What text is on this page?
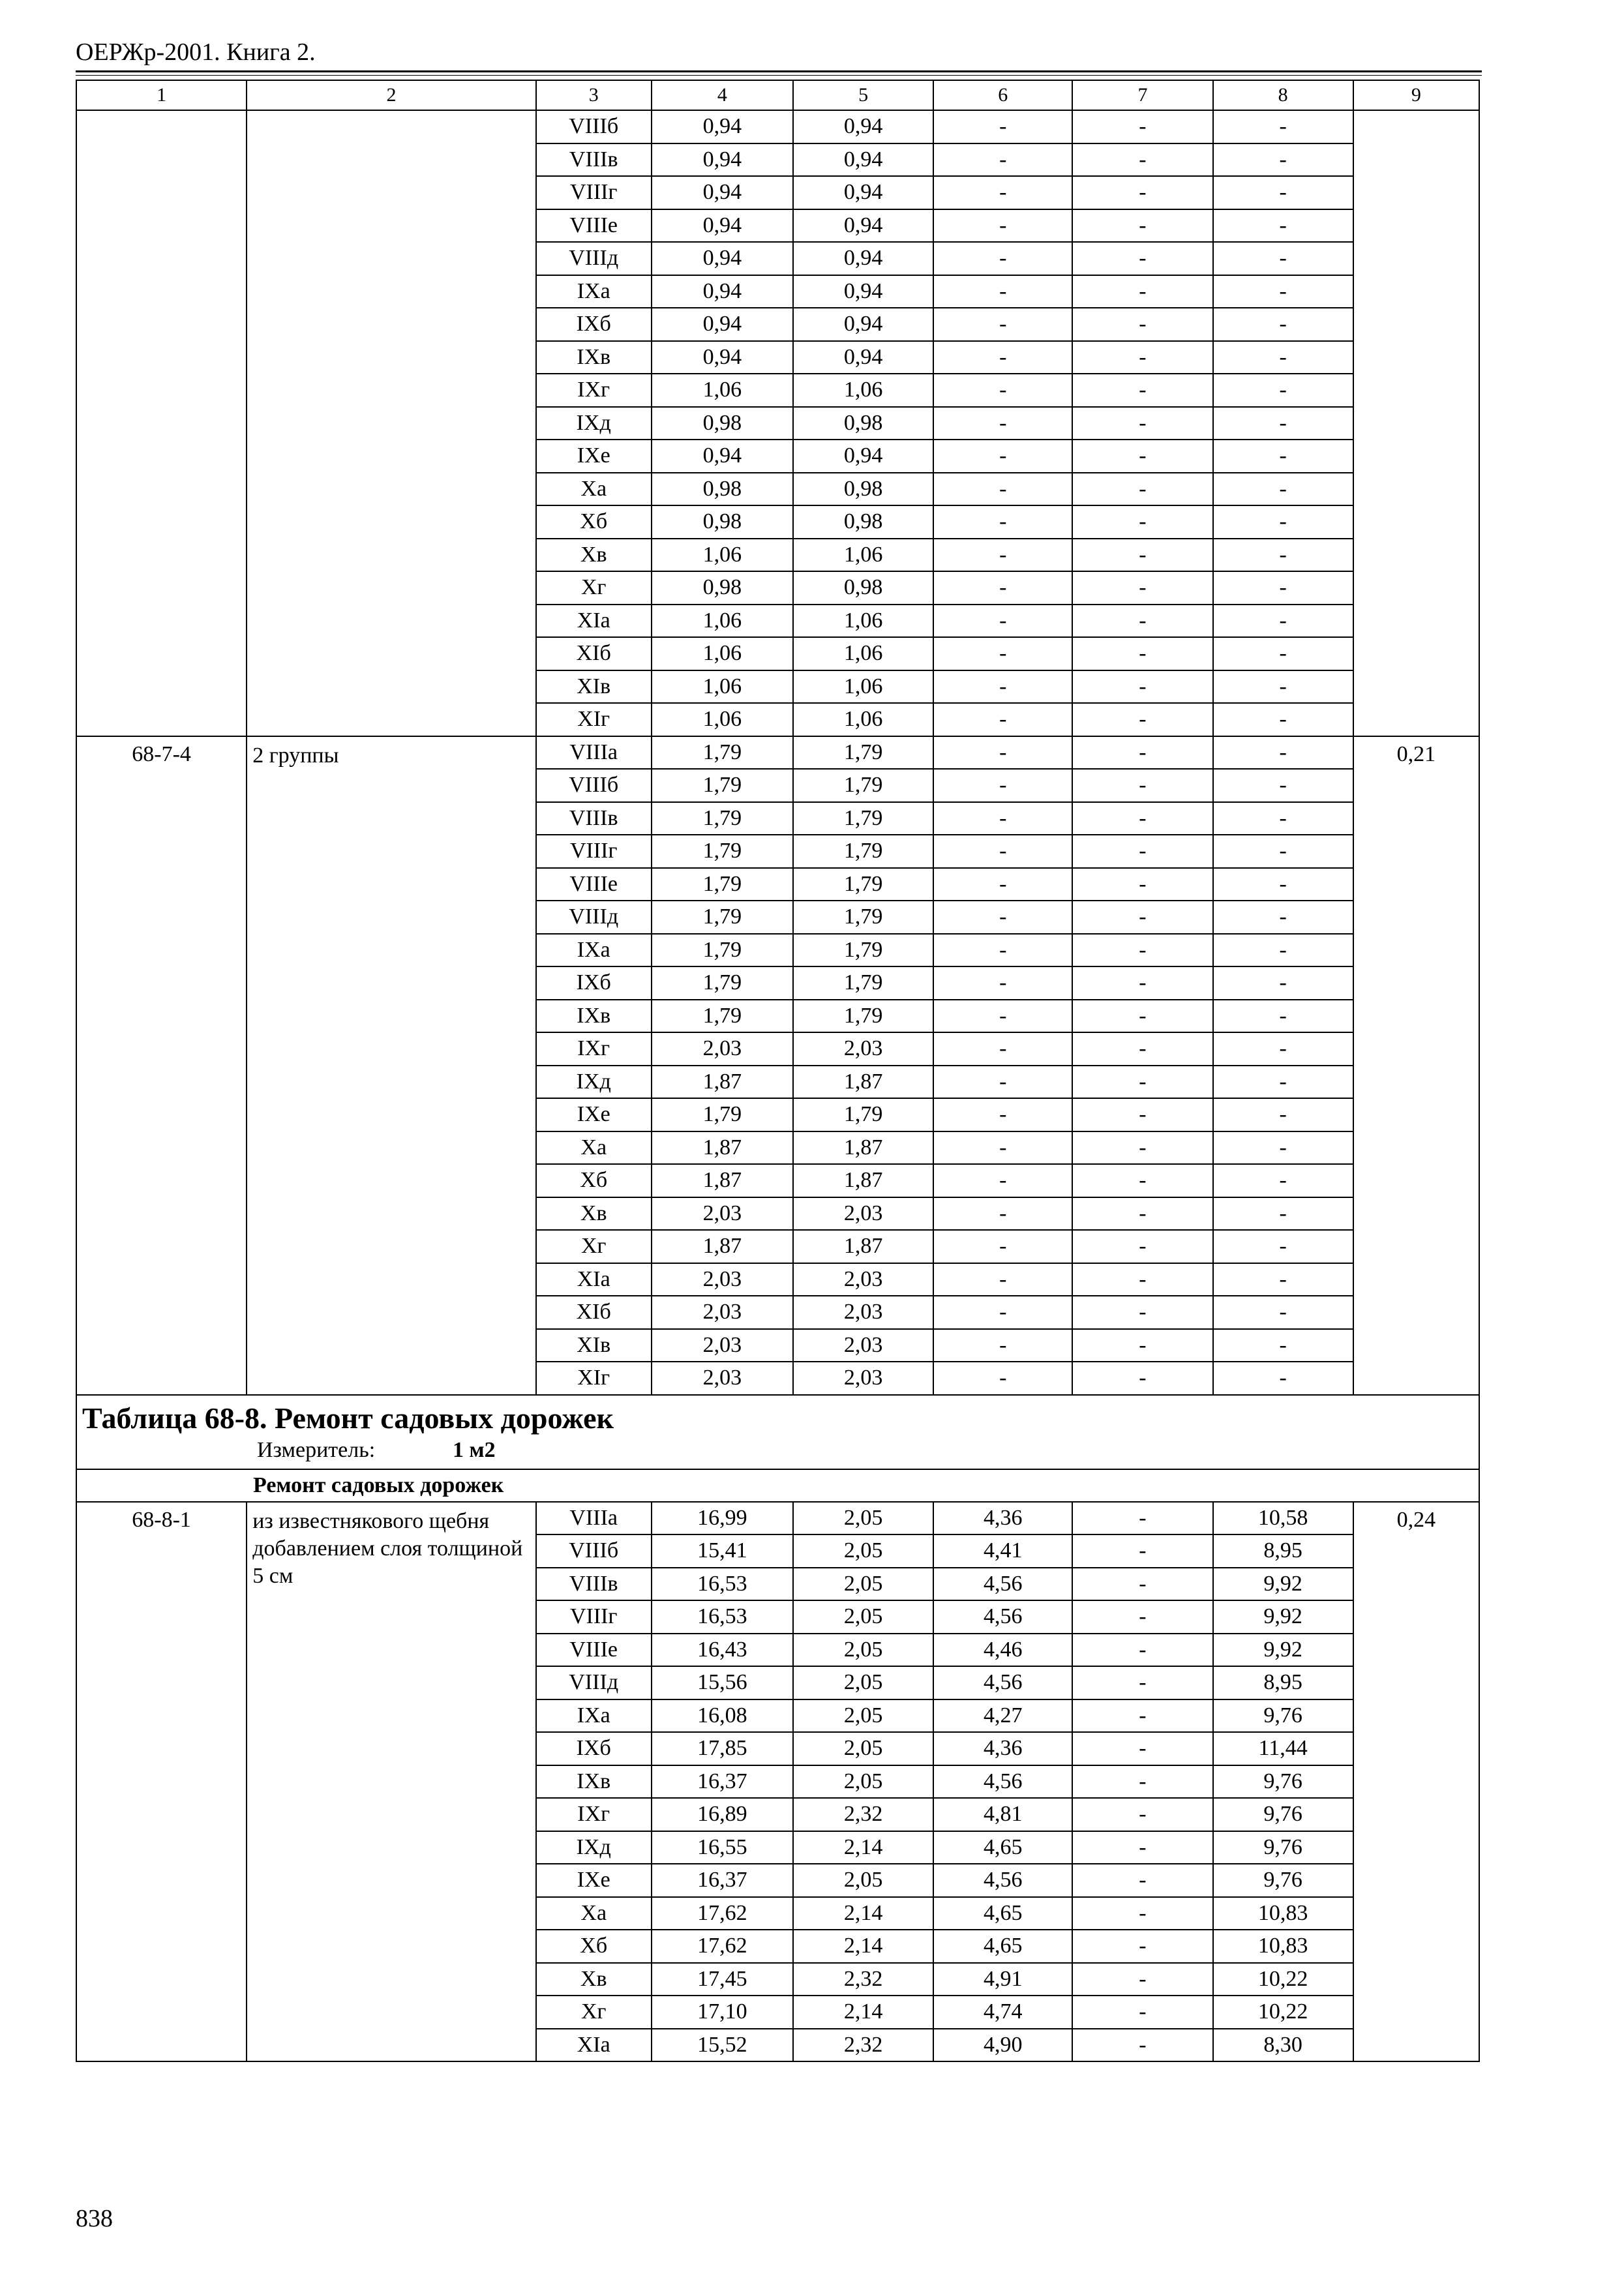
ОЕРЖр-2001. Книга 2.
1	2	3	4	5	6	7	8	9
		VIIIб	0,94	0,94	-	-	-	
		VIIIв	0,94	0,94	-	-	-	
		VIIIг	0,94	0,94	-	-	-	
		VIIIе	0,94	0,94	-	-	-	
		VIIIд	0,94	0,94	-	-	-	
		IXа	0,94	0,94	-	-	-	
		IXб	0,94	0,94	-	-	-	
		IXв	0,94	0,94	-	-	-	
		IXг	1,06	1,06	-	-	-	
		IXд	0,98	0,98	-	-	-	
		IXе	0,94	0,94	-	-	-	
		Xа	0,98	0,98	-	-	-	
		Xб	0,98	0,98	-	-	-	
		Xв	1,06	1,06	-	-	-	
		Xг	0,98	0,98	-	-	-	
		XIа	1,06	1,06	-	-	-	
		XIб	1,06	1,06	-	-	-	
		XIв	1,06	1,06	-	-	-	
		XIг	1,06	1,06	-	-	-	
68-7-4	2 группы	VIIIа	1,79	1,79	-	-	-	0,21
		VIIIб	1,79	1,79	-	-	-	
		VIIIв	1,79	1,79	-	-	-	
		VIIIг	1,79	1,79	-	-	-	
		VIIIе	1,79	1,79	-	-	-	
		VIIIд	1,79	1,79	-	-	-	
		IXа	1,79	1,79	-	-	-	
		IXб	1,79	1,79	-	-	-	
		IXв	1,79	1,79	-	-	-	
		IXг	2,03	2,03	-	-	-	
		IXд	1,87	1,87	-	-	-	
		IXе	1,79	1,79	-	-	-	
		Xа	1,87	1,87	-	-	-	
		Xб	1,87	1,87	-	-	-	
		Xв	2,03	2,03	-	-	-	
		Xг	1,87	1,87	-	-	-	
		XIа	2,03	2,03	-	-	-	
		XIб	2,03	2,03	-	-	-	
		XIв	2,03	2,03	-	-	-	
		XIг	2,03	2,03	-	-	-	

Таблица 68-8. Ремонт садовых дорожек
Измеритель: 1 м2								

Ремонт садовых дорожек								
68-8-1	из известнякового щебня добавлением слоя толщиной 5 см	VIIIа	16,99	2,05	4,36	-	10,58	0,24
		VIIIб	15,41	2,05	4,41	-	8,95	
		VIIIв	16,53	2,05	4,56	-	9,92	
		VIIIг	16,53	2,05	4,56	-	9,92	
		VIIIе	16,43	2,05	4,46	-	9,92	
		VIIIд	15,56	2,05	4,56	-	8,95	
		IXа	16,08	2,05	4,27	-	9,76	
		IXб	17,85	2,05	4,36	-	11,44	
		IXв	16,37	2,05	4,56	-	9,76	
		IXг	16,89	2,32	4,81	-	9,76	
		IXд	16,55	2,14	4,65	-	9,76	
		IXе	16,37	2,05	4,56	-	9,76	
		Xа	17,62	2,14	4,65	-	10,83	
		Xб	17,62	2,14	4,65	-	10,83	
		Xв	17,45	2,32	4,91	-	10,22	
		Xг	17,10	2,14	4,74	-	10,22	
		XIа	15,52	2,32	4,90	-	8,30	
838
